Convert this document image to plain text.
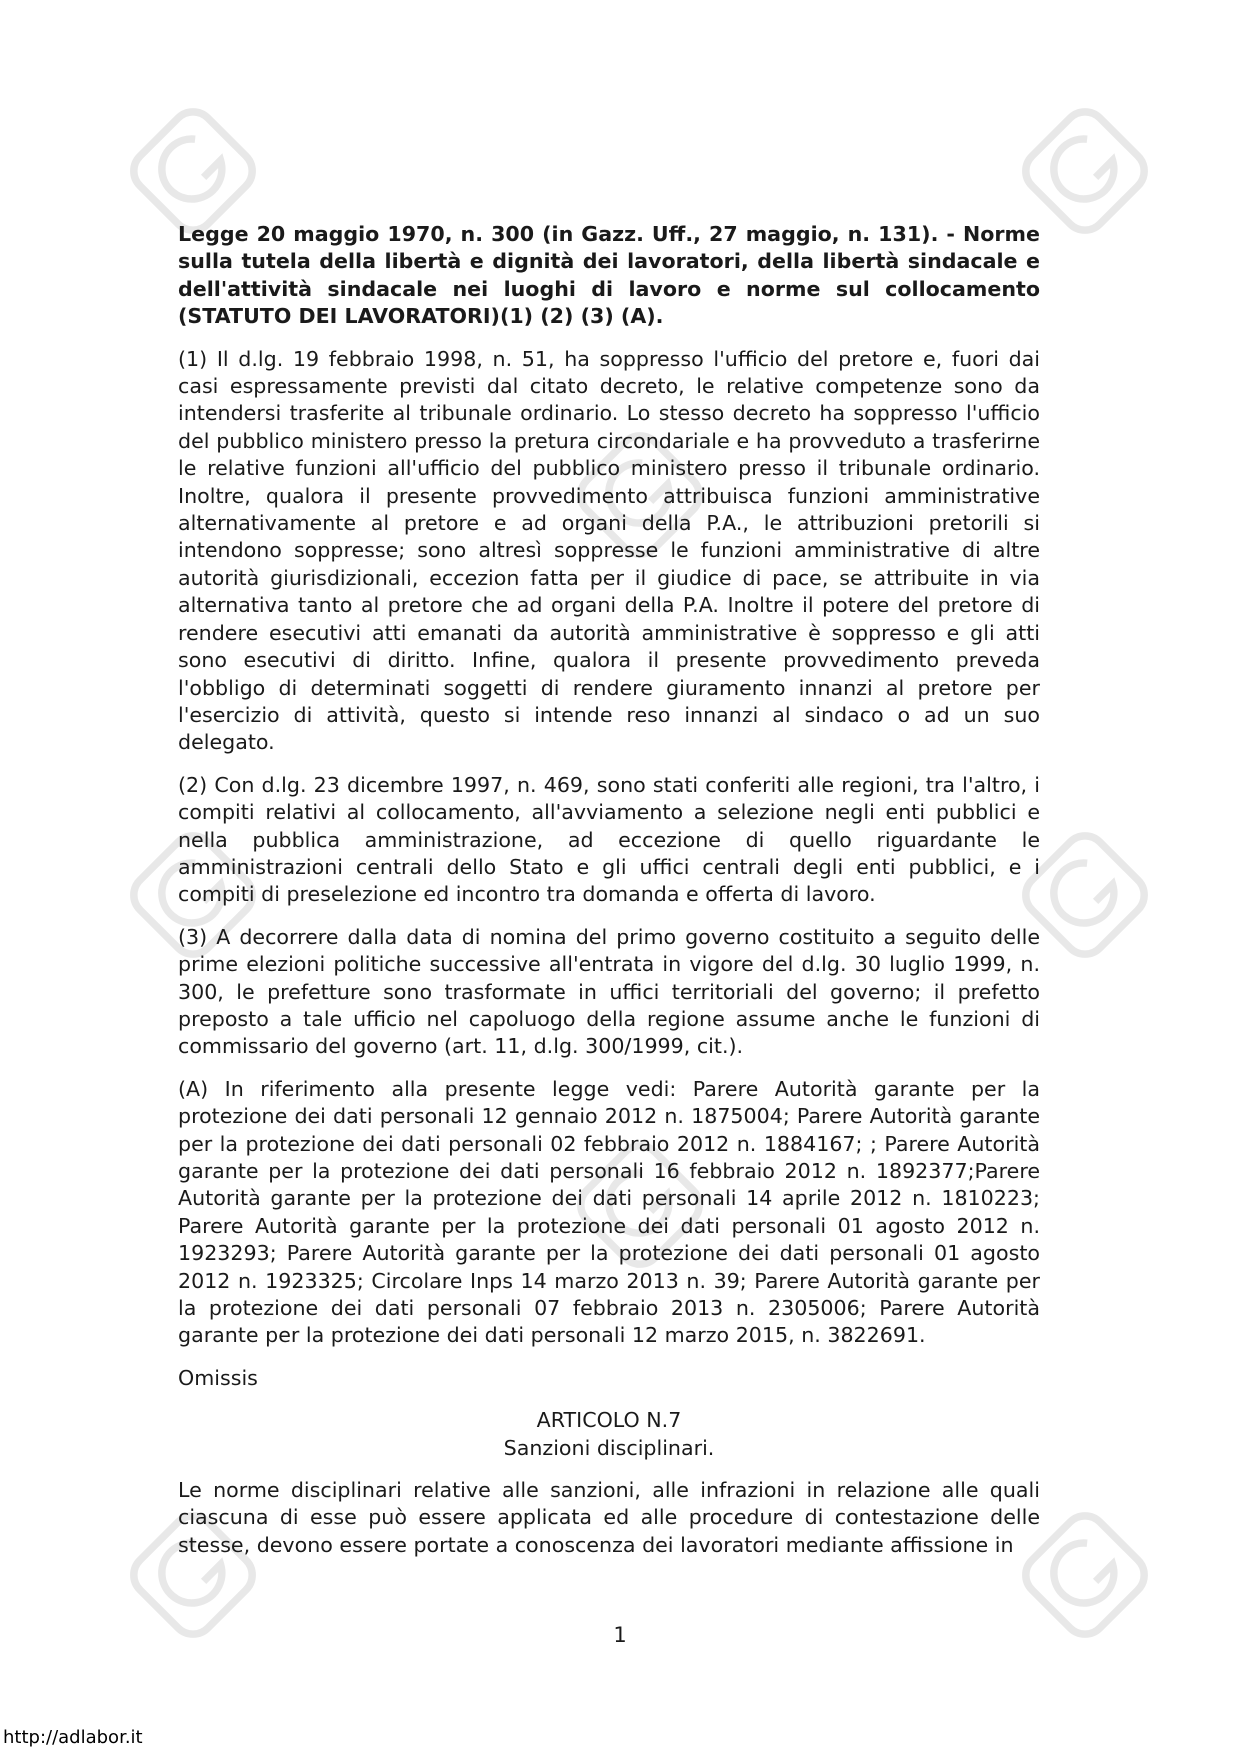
Legge 20 maggio 1970, n. 300 (in Gazz. Uff., 27 maggio, n. 131). - Norme sulla tutela della libertà e dignità dei lavoratori, della libertà sindacale e dell'attività sindacale nei luoghi di lavoro e norme sul collocamento (STATUTO DEI LAVORATORI)(1) (2) (3) (A).

(1) Il d.lg. 19 febbraio 1998, n. 51, ha soppresso l'ufficio del pretore e, fuori dai casi espressamente previsti dal citato decreto, le relative competenze sono da intendersi trasferite al tribunale ordinario. Lo stesso decreto ha soppresso l'ufficio del pubblico ministero presso la pretura circondariale e ha provveduto a trasferirne le relative funzioni all'ufficio del pubblico ministero presso il tribunale ordinario. Inoltre, qualora il presente provvedimento attribuisca funzioni amministrative alternativamente al pretore e ad organi della P.A., le attribuzioni pretorili si intendono soppresse; sono altresì soppresse le funzioni amministrative di altre autorità giurisdizionali, eccezion fatta per il giudice di pace, se attribuite in via alternativa tanto al pretore che ad organi della P.A. Inoltre il potere del pretore di rendere esecutivi atti emanati da autorità amministrative è soppresso e gli atti sono esecutivi di diritto. Infine, qualora il presente provvedimento preveda l'obbligo di determinati soggetti di rendere giuramento innanzi al pretore per l'esercizio di attività, questo si intende reso innanzi al sindaco o ad un suo delegato.

(2) Con d.lg. 23 dicembre 1997, n. 469, sono stati conferiti alle regioni, tra l'altro, i compiti relativi al collocamento, all'avviamento a selezione negli enti pubblici e nella pubblica amministrazione, ad eccezione di quello riguardante le amministrazioni centrali dello Stato e gli uffici centrali degli enti pubblici, e i compiti di preselezione ed incontro tra domanda e offerta di lavoro.

(3) A decorrere dalla data di nomina del primo governo costituito a seguito delle prime elezioni politiche successive all'entrata in vigore del d.lg. 30 luglio 1999, n. 300, le prefetture sono trasformate in uffici territoriali del governo; il prefetto preposto a tale ufficio nel capoluogo della regione assume anche le funzioni di commissario del governo (art. 11, d.lg. 300/1999, cit.).

(A) In riferimento alla presente legge vedi: Parere Autorità garante per la protezione dei dati personali 12 gennaio 2012 n. 1875004; Parere Autorità garante per la protezione dei dati personali 02 febbraio 2012 n. 1884167; ; Parere Autorità garante per la protezione dei dati personali 16 febbraio 2012 n. 1892377;Parere Autorità garante per la protezione dei dati personali 14 aprile 2012 n. 1810223; Parere Autorità garante per la protezione dei dati personali 01 agosto 2012 n. 1923293; Parere Autorità garante per la protezione dei dati personali 01 agosto 2012 n. 1923325; Circolare Inps 14 marzo 2013 n. 39; Parere Autorità garante per la protezione dei dati personali 07 febbraio 2013 n. 2305006; Parere Autorità garante per la protezione dei dati personali 12 marzo 2015, n. 3822691.

Omissis

ARTICOLO N.7
Sanzioni disciplinari.

Le norme disciplinari relative alle sanzioni, alle infrazioni in relazione alle quali ciascuna di esse può essere applicata ed alle procedure di contestazione delle stesse, devono essere portate a conoscenza dei lavoratori mediante affissione in

1
http://adlabor.it
